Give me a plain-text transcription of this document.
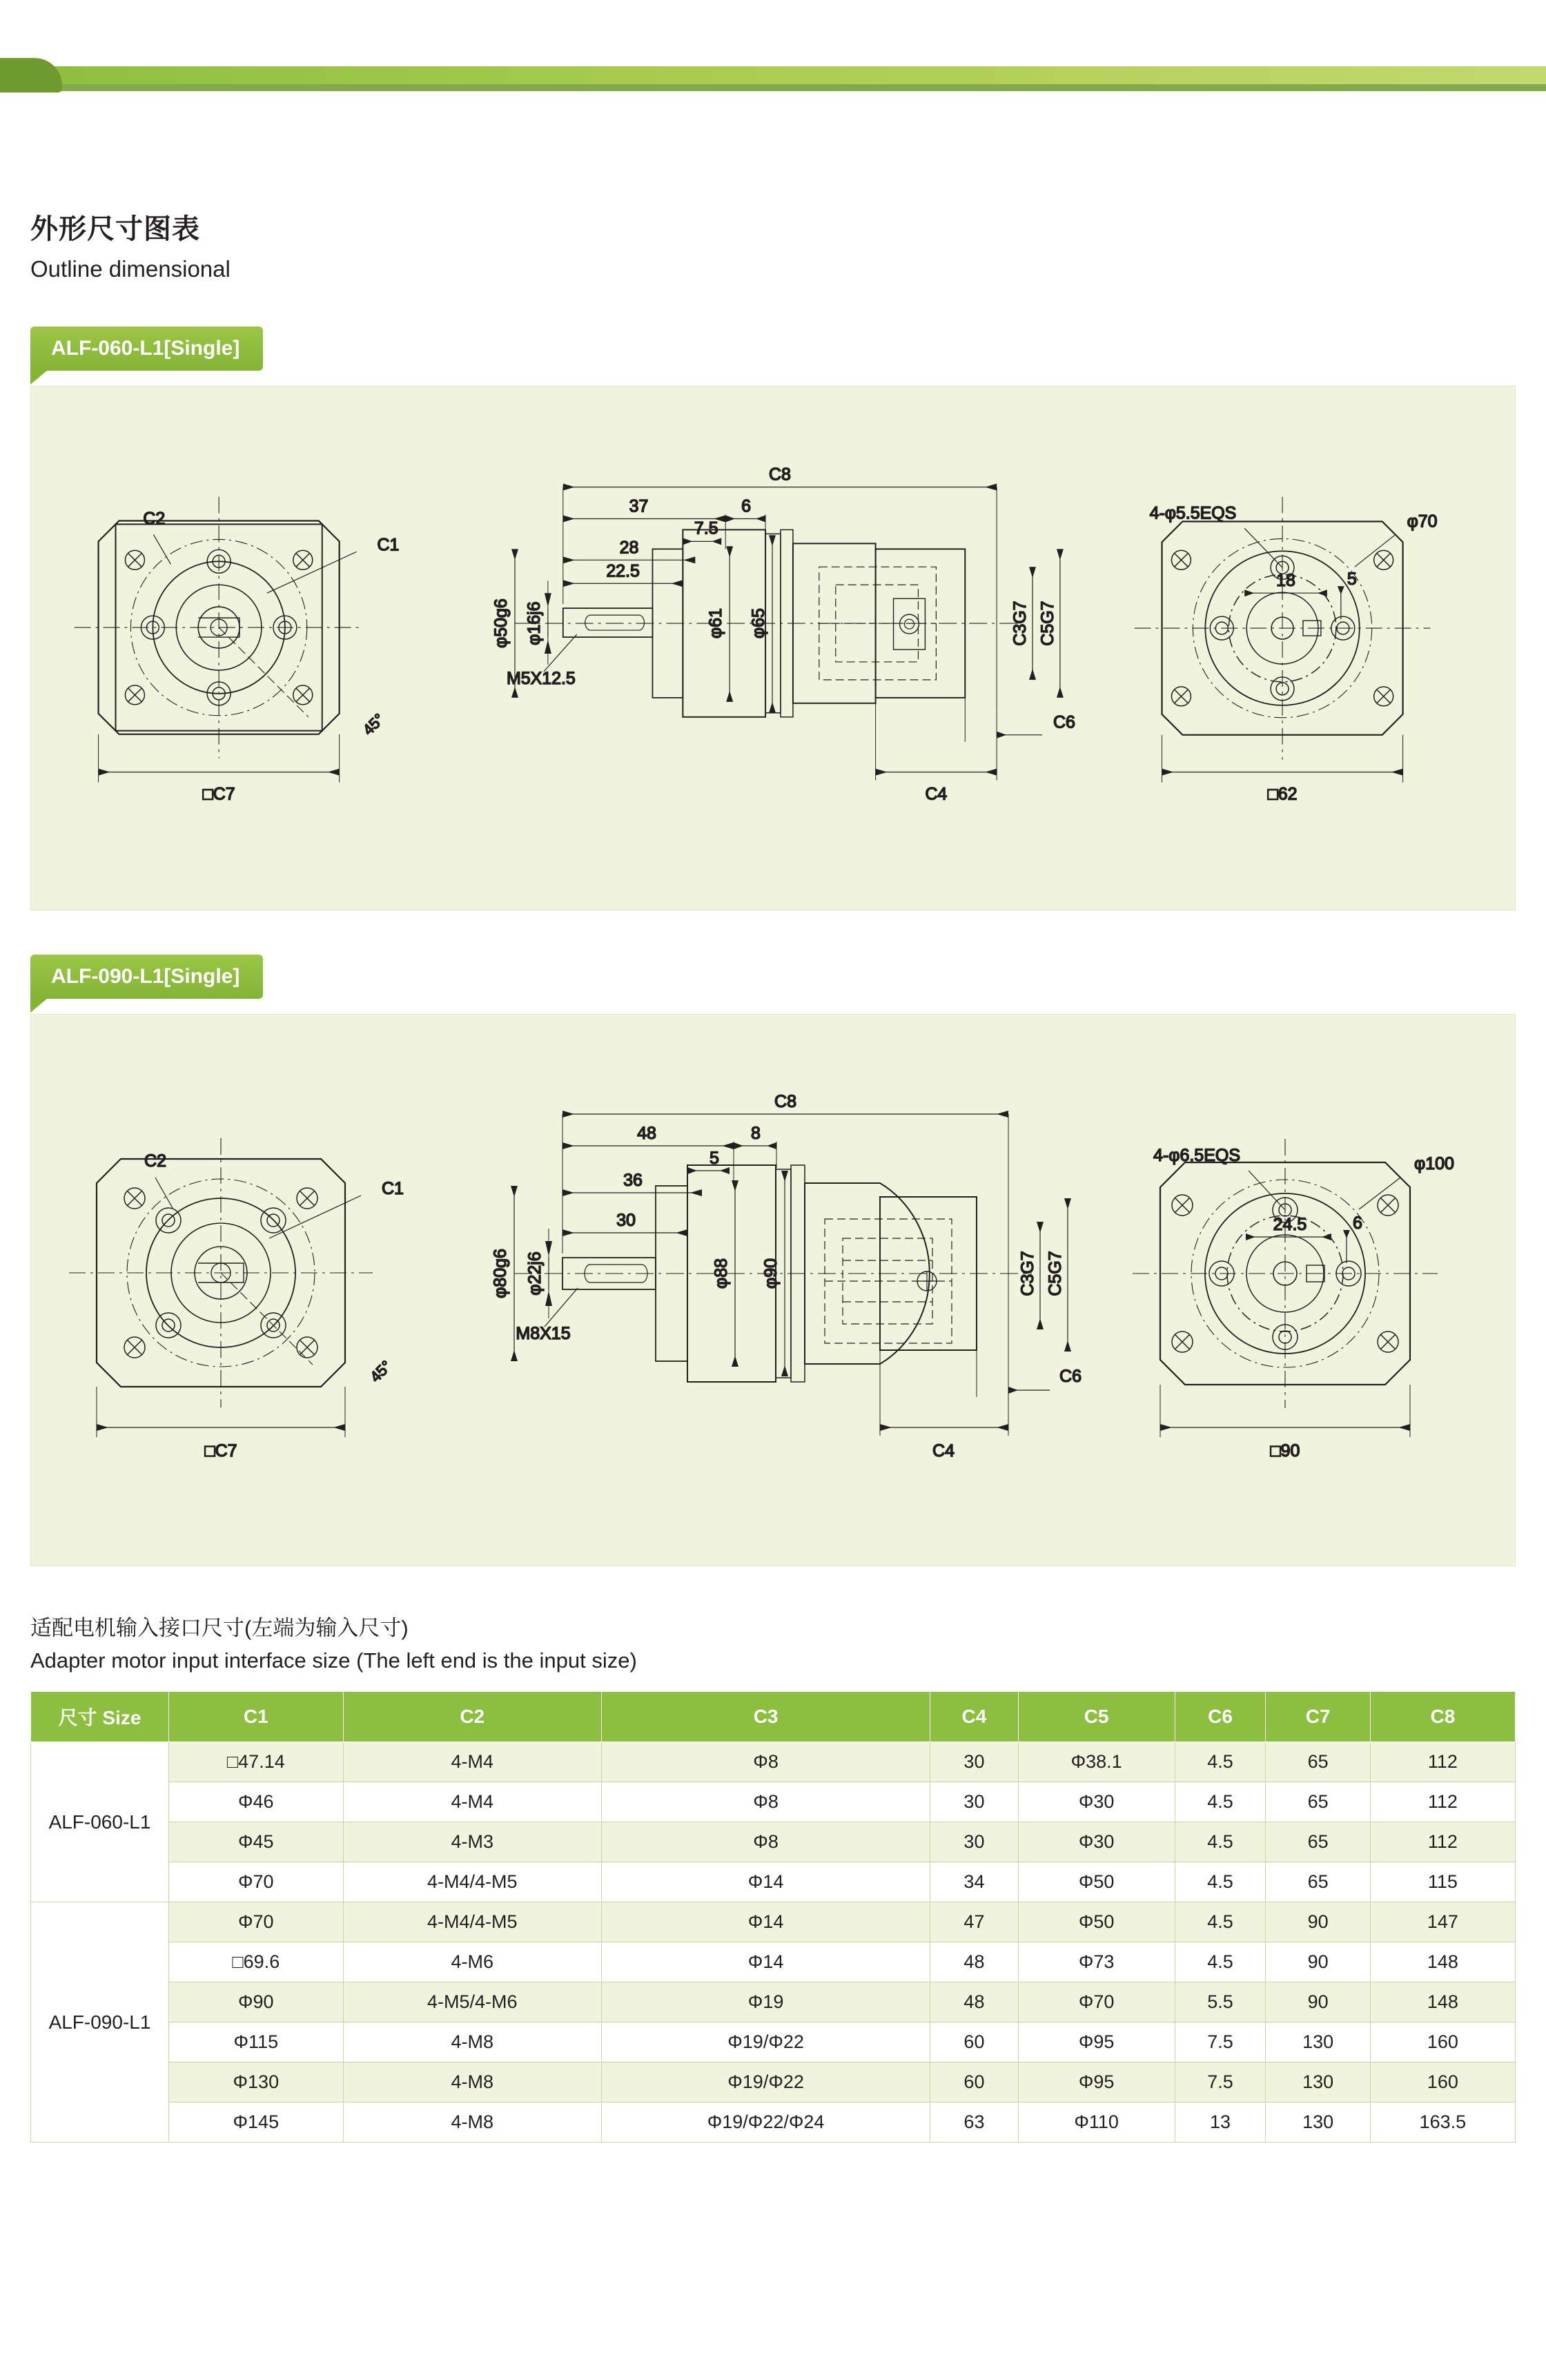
外形尺寸图表
Outline dimensional
ALF-060-L1[Single]
C2
C1
45°
□C7
37	6
7.5
28
22.5
C8
φ50g6 φ16j6
M5X12.5
φ61 φ65	C3G7 C5G7
C4
C6
4-φ5.5EQS	φ70
18	5
□62
ALF-090-L1[Single]
C2
C1
45°
□C7
48	8
5
36
30
C8
φ80g6 φ22j6
M8X15
φ88 φ90	C3G7 C5G7
C4
C6
4-φ6.5EQS	φ100
24.5	6
□90
适配电机输入接口尺寸(左端为输入尺寸)
Adapter motor input interface size (The left end is the input size)
尺寸 Size	C1	C2	C3	C4	C5	C6	C7	C8
ALF-060-L1	□47.14	4-M4	Φ8	30	Φ38.1	4.5	65	112
	Φ46	4-M4	Φ8	30	Φ30	4.5	65	112
	Φ45	4-M3	Φ8	30	Φ30	4.5	65	112
	Φ70	4-M4/4-M5	Φ14	34	Φ50	4.5	65	115
ALF-090-L1	Φ70	4-M4/4-M5	Φ14	47	Φ50	4.5	90	147
	□69.6	4-M6	Φ14	48	Φ73	4.5	90	148
	Φ90	4-M5/4-M6	Φ19	48	Φ70	5.5	90	148
	Φ115	4-M8	Φ19/Φ22	60	Φ95	7.5	130	160
	Φ130	4-M8	Φ19/Φ22	60	Φ95	7.5	130	160
	Φ145	4-M8	Φ19/Φ22/Φ24	63	Φ110	13	130	163.5
